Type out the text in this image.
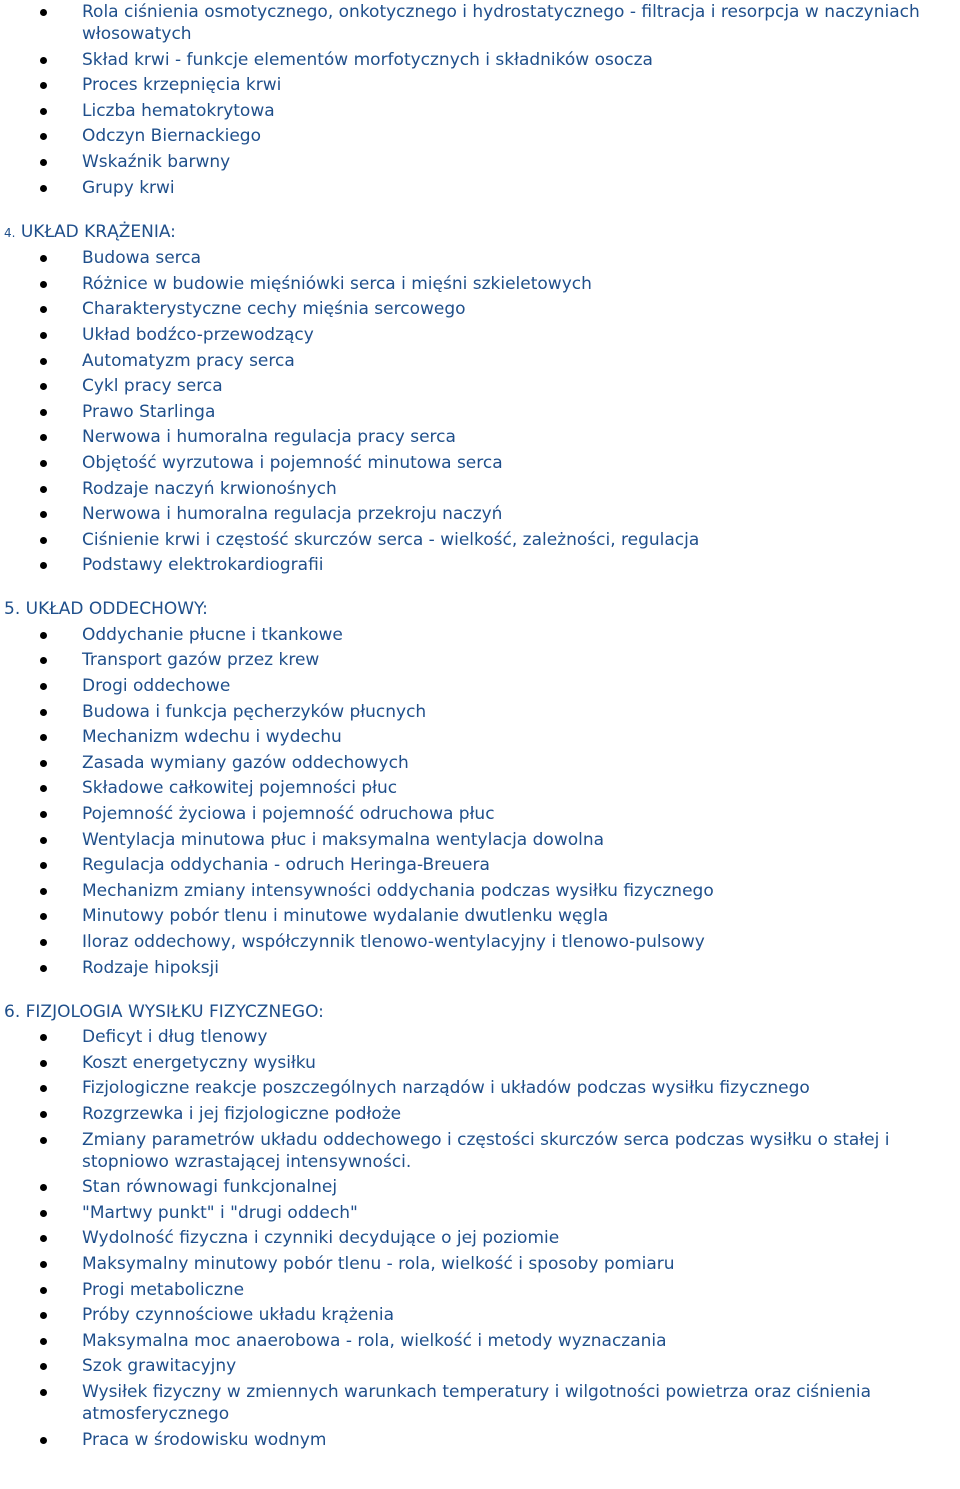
Rola ciśnienia osmotycznego, onkotycznego i hydrostatycznego - filtracja i resorpcja w naczyniach włosowatych
Skład krwi - funkcje elementów morfotycznych i składników osocza
Proces krzepnięcia krwi
Liczba hematokrytowa
Odczyn Biernackiego
Wskaźnik barwny
Grupy krwi
4. UKŁAD KRĄŻENIA:
Budowa serca
Różnice w budowie mięśniówki serca i mięśni szkieletowych
Charakterystyczne cechy mięśnia sercowego
Układ bodźco-przewodzący
Automatyzm pracy serca
Cykl pracy serca
Prawo Starlinga
Nerwowa i humoralna regulacja pracy serca
Objętość wyrzutowa i pojemność minutowa serca
Rodzaje naczyń krwionośnych
Nerwowa i humoralna regulacja przekroju naczyń
Ciśnienie krwi i częstość skurczów serca - wielkość, zależności, regulacja
Podstawy elektrokardiografii
5. UKŁAD ODDECHOWY:
Oddychanie płucne i tkankowe
Transport gazów przez krew
Drogi oddechowe
Budowa i funkcja pęcherzyków płucnych
Mechanizm wdechu i wydechu
Zasada wymiany gazów oddechowych
Składowe całkowitej pojemności płuc
Pojemność życiowa i pojemność odruchowa płuc
Wentylacja minutowa płuc i maksymalna wentylacja dowolna
Regulacja oddychania - odruch Heringa-Breuera
Mechanizm zmiany intensywności oddychania podczas wysiłku fizycznego
Minutowy pobór tlenu i minutowe wydalanie dwutlenku węgla
Iloraz oddechowy, współczynnik tlenowo-wentylacyjny i tlenowo-pulsowy
Rodzaje hipoksji
6. FIZJOLOGIA WYSIŁKU FIZYCZNEGO:
Deficyt i dług tlenowy
Koszt energetyczny wysiłku
Fizjologiczne reakcje poszczególnych narządów i układów podczas wysiłku fizycznego
Rozgrzewka i jej fizjologiczne podłoże
Zmiany parametrów układu oddechowego i częstości skurczów serca podczas wysiłku o stałej i stopniowo wzrastającej intensywności.
Stan równowagi funkcjonalnej
"Martwy punkt" i "drugi oddech"
Wydolność fizyczna i czynniki decydujące o jej poziomie
Maksymalny minutowy pobór tlenu - rola, wielkość i sposoby pomiaru
Progi metaboliczne
Próby czynnościowe układu krążenia
Maksymalna moc anaerobowa - rola, wielkość i metody wyznaczania
Szok grawitacyjny
Wysiłek fizyczny w zmiennych warunkach temperatury i wilgotności powietrza oraz ciśnienia atmosferycznego
Praca w środowisku wodnym
